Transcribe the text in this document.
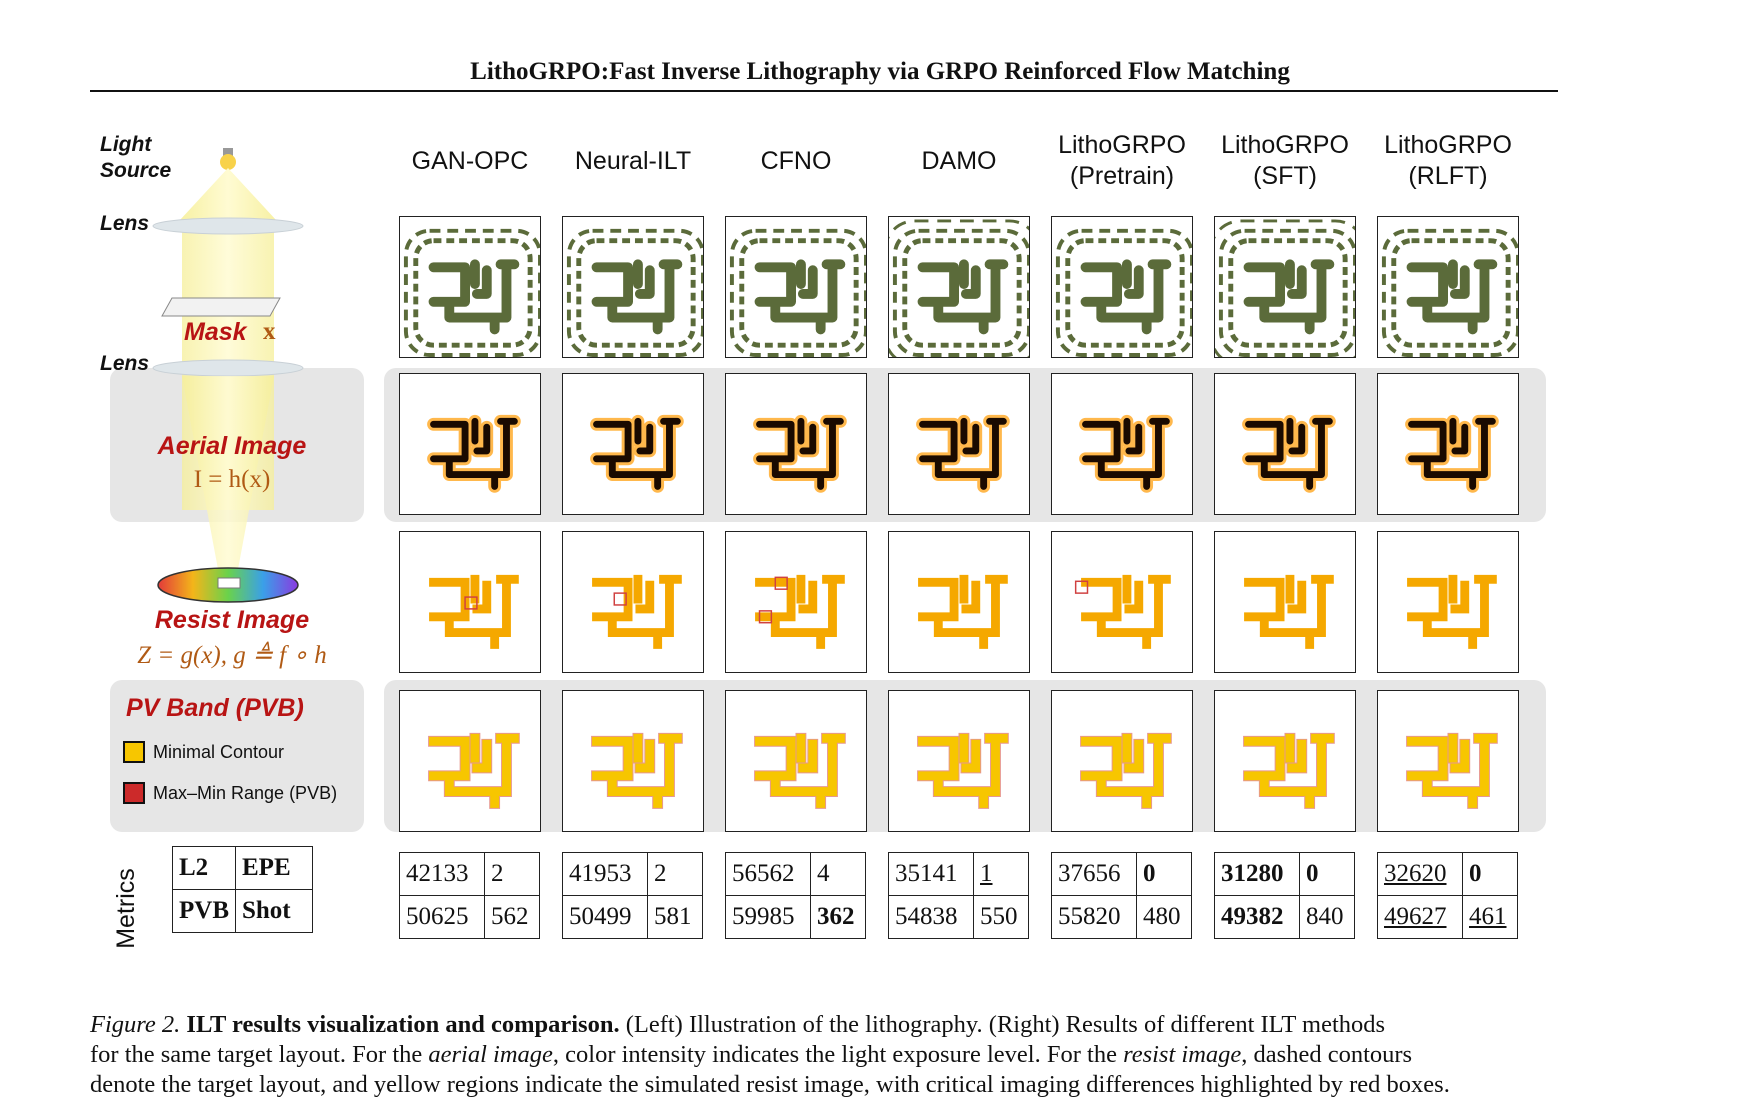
LithoGRPO:Fast Inverse Lithography via GRPO Reinforced Flow Matching
Light
Source
Lens
Mask x
Lens
Aerial Image
I = h(x)
Resist Image
Z = g(x), g ≜ f ∘ h
PV Band (PVB)
Minimal Contour
Max–Min Range (PVB)
Metrics
L2	EPE
PVB	Shot
GAN-OPC
42133	2
50625	562
Neural-ILT
41953	2
50499	581
CFNO
56562	4
59985	362
DAMO
35141	1
54838	550
LithoGRPO
(Pretrain)
37656	0
55820	480
LithoGRPO
(SFT)
31280	0
49382	840
LithoGRPO
(RLFT)
32620	0
49627	461
Figure 2. ILT results visualization and comparison. (Left) Illustration of the lithography. (Right) Results of different ILT methods
for the same target layout. For the aerial image, color intensity indicates the light exposure level. For the resist image, dashed contours
denote the target layout, and yellow regions indicate the simulated resist image, with critical imaging differences highlighted by red boxes.
